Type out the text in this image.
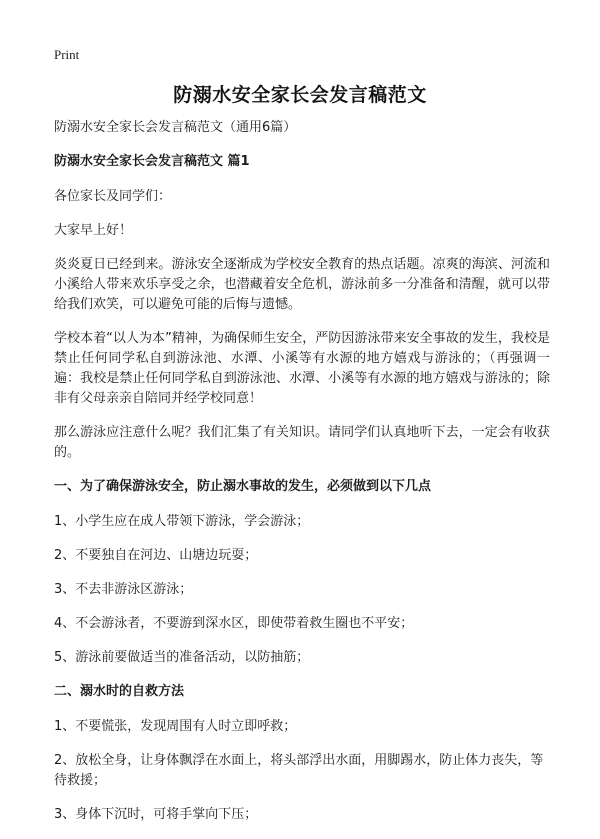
Print
防溺水安全家长会发言稿范文

防溺水安全家长会发言稿范文（通用6篇）

防溺水安全家长会发言稿范文 篇1

各位家长及同学们：

大家早上好！

炎炎夏日已经到来。游泳安全逐渐成为学校安全教育的热点话题。凉爽的海滨、河流和小溪给人带来欢乐享受之余，也潜藏着安全危机，游泳前多一分准备和清醒，就可以带给我们欢笑，可以避免可能的后悔与遗憾。

学校本着“以人为本”精神，为确保师生安全，严防因游泳带来安全事故的发生，我校是禁止任何同学私自到游泳池、水潭、小溪等有水源的地方嬉戏与游泳的；（再强调一遍：我校是禁止任何同学私自到游泳池、水潭、小溪等有水源的地方嬉戏与游泳的；除非有父母亲亲自陪同并经学校同意！

那么游泳应注意什么呢？我们汇集了有关知识。请同学们认真地听下去，一定会有收获的。

一、为了确保游泳安全，防止溺水事故的发生，必须做到以下几点

1、小学生应在成人带领下游泳，学会游泳；

2、不要独自在河边、山塘边玩耍；

3、不去非游泳区游泳；

4、不会游泳者，不要游到深水区，即使带着救生圈也不平安；

5、游泳前要做适当的准备活动，以防抽筋；

二、溺水时的自救方法

1、不要慌张，发现周围有人时立即呼救；

2、放松全身，让身体飘浮在水面上，将头部浮出水面，用脚踢水，防止体力丧失，等待救援；

3、身体下沉时，可将手掌向下压；
